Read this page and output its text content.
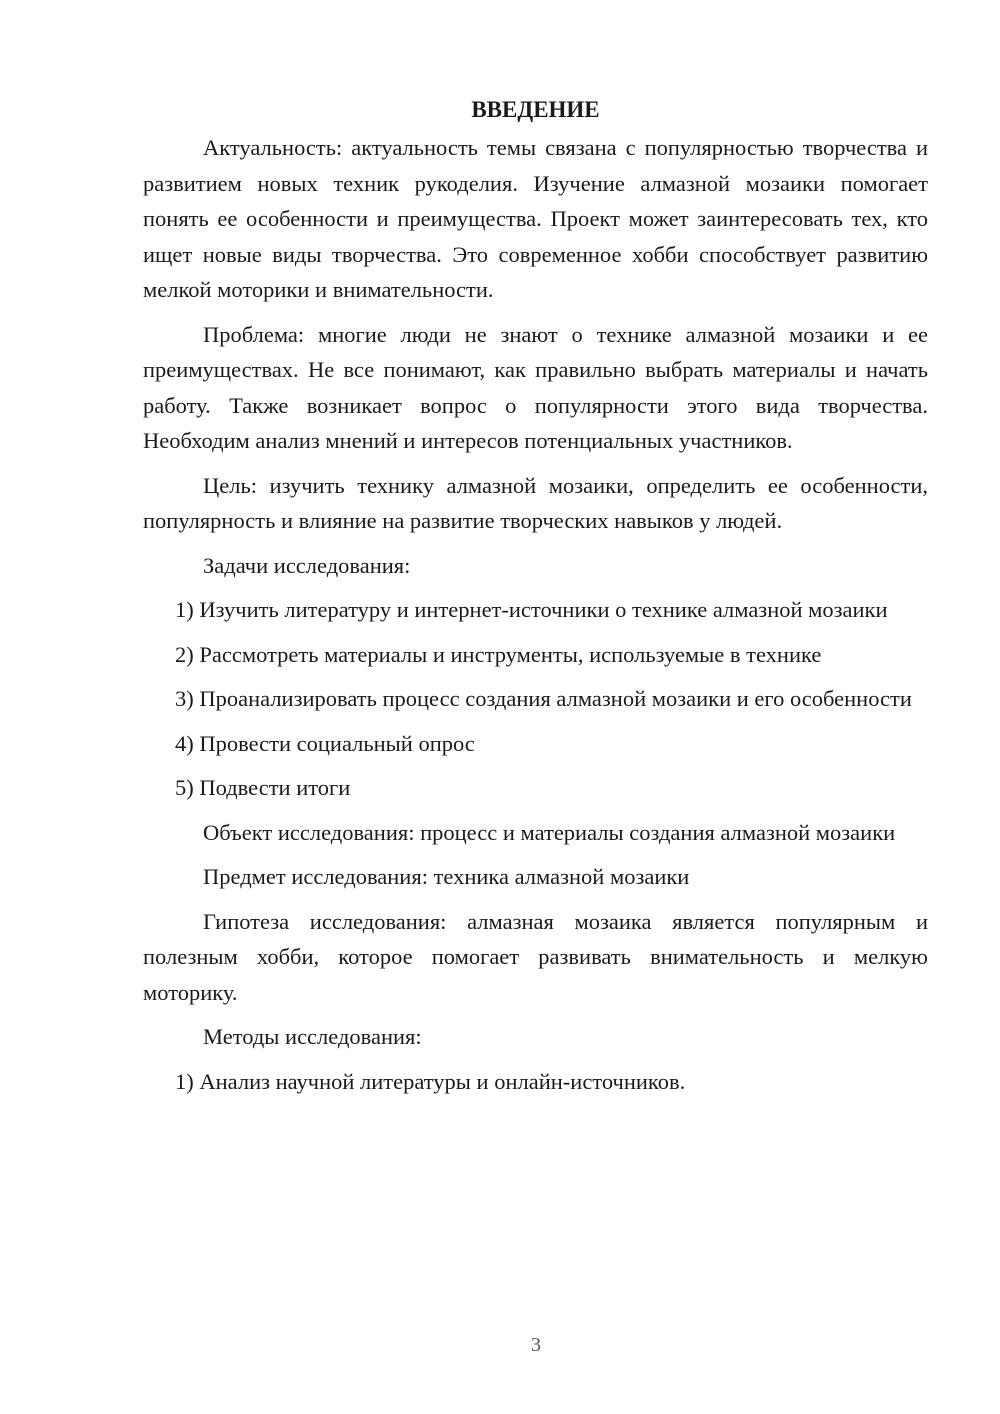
ВВЕДЕНИЕ

Актуальность: актуальность темы связана с популярностью творчества и развитием новых техник рукоделия. Изучение алмазной мозаики помогает понять ее особенности и преимущества. Проект может заинтересовать тех, кто ищет новые виды творчества. Это современное хобби способствует развитию мелкой моторики и внимательности.

Проблема: многие люди не знают о технике алмазной мозаики и ее преимуществах. Не все понимают, как правильно выбрать материалы и начать работу. Также возникает вопрос о популярности этого вида творчества. Необходим анализ мнений и интересов потенциальных участников.

Цель: изучить технику алмазной мозаики, определить ее особенности, популярность и влияние на развитие творческих навыков у людей.

Задачи исследования:

1) Изучить литературу и интернет-источники о технике алмазной мозаики

2) Рассмотреть материалы и инструменты, используемые в технике

3) Проанализировать процесс создания алмазной мозаики и его особенности

4) Провести социальный опрос

5) Подвести итоги

Объект исследования: процесс и материалы создания алмазной мозаики

Предмет исследования: техника алмазной мозаики

Гипотеза исследования: алмазная мозаика является популярным и полезным хобби, которое помогает развивать внимательность и мелкую моторику.

Методы исследования:

1) Анализ научной литературы и онлайн-источников.

3
